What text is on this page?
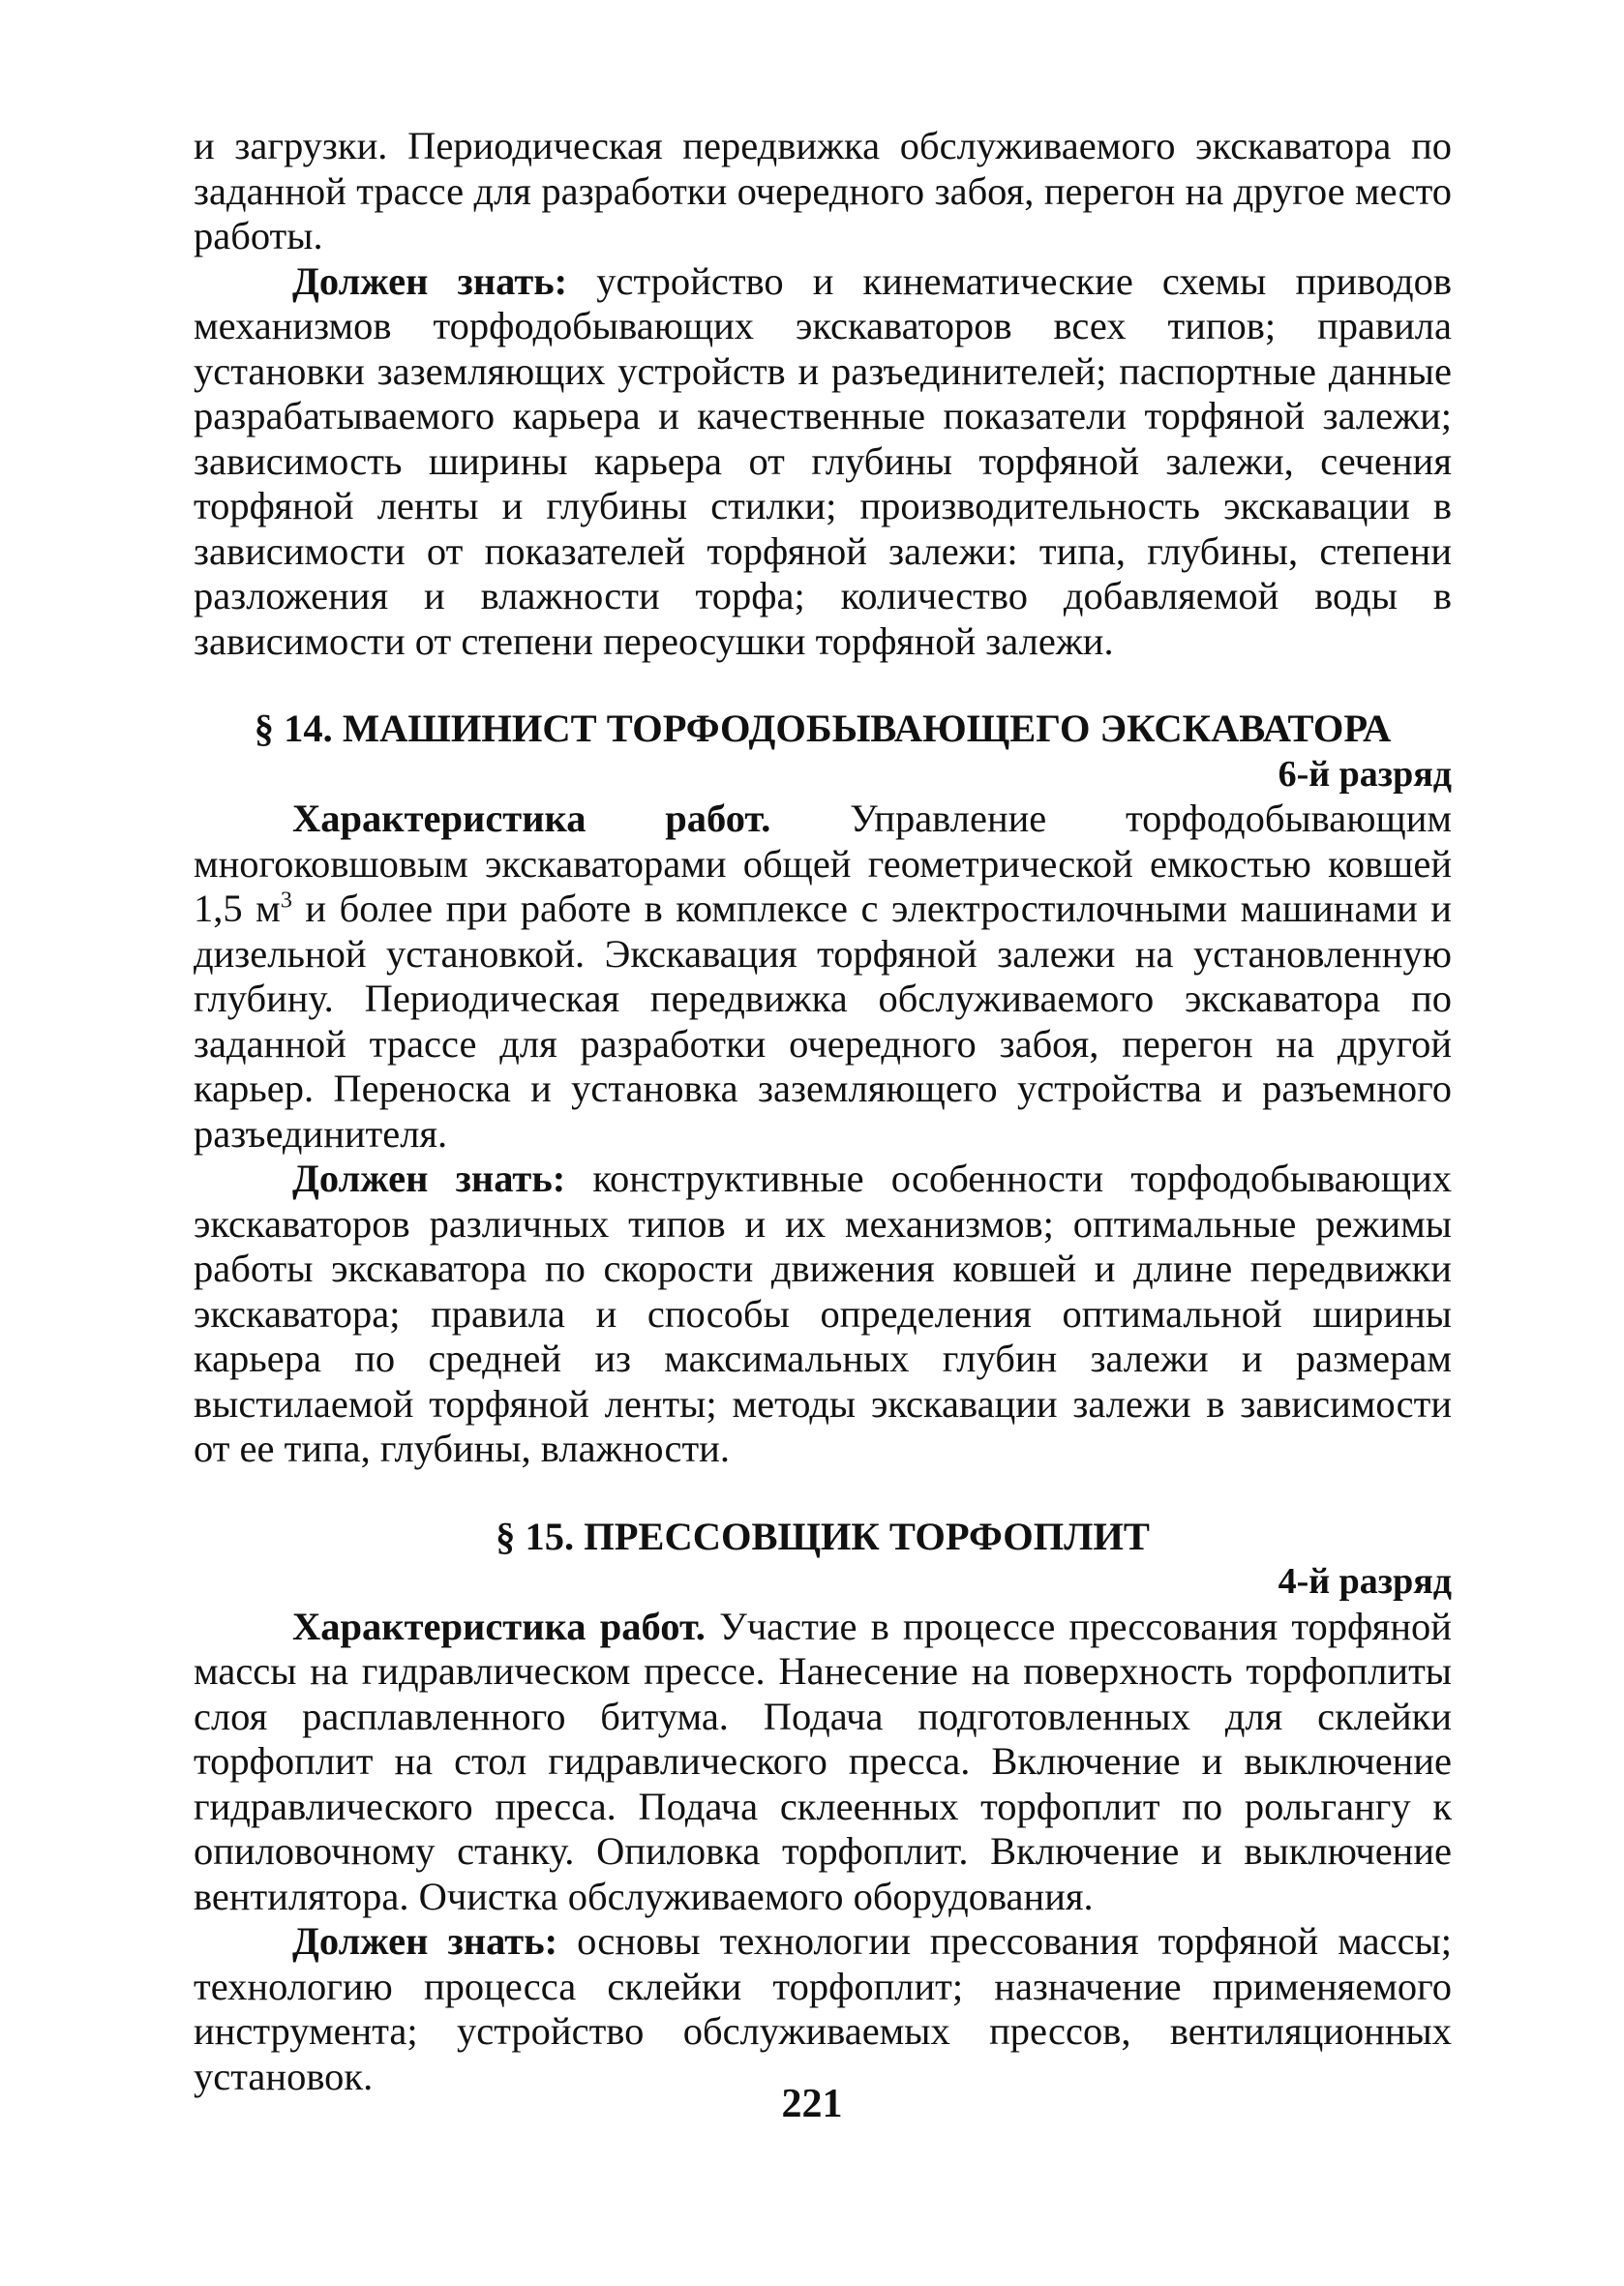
и загрузки. Периодическая передвижка обслуживаемого экскаватора по заданной трассе для разработки очередного забоя, перегон на другое место работы.

Должен знать: устройство и кинематические схемы приводов механизмов торфодобывающих экскаваторов всех типов; правила установки заземляющих устройств и разъединителей; паспортные данные разрабатываемого карьера и качественные показатели торфяной залежи; зависимость ширины карьера от глубины торфяной залежи, сечения торфяной ленты и глубины стилки; производительность экскавации в зависимости от показателей торфяной залежи: типа, глубины, степени разложения и влажности торфа; количество добавляемой воды в зависимости от степени переосушки торфяной залежи.

§ 14. МАШИНИСТ ТОРФОДОБЫВАЮЩЕГО ЭКСКАВАТОРА

6-й разряд

Характеристика работ. Управление торфодобывающим многоковшовым экскаваторами общей геометрической емкостью ковшей 1,5 $м^3$ и более при работе в комплексе с электростилочными машинами и дизельной установкой. Экскавация торфяной залежи на установленную глубину. Периодическая передвижка обслуживаемого экскаватора по заданной трассе для разработки очередного забоя, перегон на другой карьер. Переноска и установка заземляющего устройства и разъемного разъединителя.

Должен знать: конструктивные особенности торфодобывающих экскаваторов различных типов и их механизмов; оптимальные режимы работы экскаватора по скорости движения ковшей и длине передвижки экскаватора; правила и способы определения оптимальной ширины карьера по средней из максимальных глубин залежи и размерам выстилаемой торфяной ленты; методы экскавации залежи в зависимости от ее типа, глубины, влажности.

§ 15. ПРЕССОВЩИК ТОРФОПЛИТ

4-й разряд

Характеристика работ. Участие в процессе прессования торфяной массы на гидравлическом прессе. Нанесение на поверхность торфоплиты слоя расплавленного битума. Подача подготовленных для склейки торфоплит на стол гидравлического пресса. Включение и выключение гидравлического пресса. Подача склеенных торфоплит по рольгангу к опиловочному станку. Опиловка торфоплит. Включение и выключение вентилятора. Очистка обслуживаемого оборудования.

Должен знать: основы технологии прессования торфяной массы; технологию процесса склейки торфоплит; назначение применяемого инструмента; устройство обслуживаемых прессов, вентиляционных установок.

221
